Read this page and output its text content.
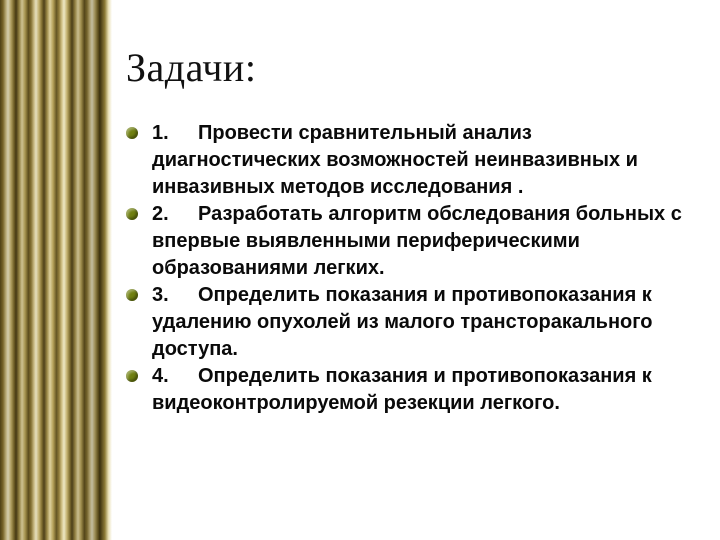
Задачи:
1. Провести сравнительный анализ диагностических возможностей неинвазивных и инвазивных методов исследования .
2. Разработать алгоритм обследования больных с впервые выявленными периферическими образованиями легких.
3. Определить показания и противопоказания к удалению опухолей из малого трансторакального доступа.
4. Определить показания и противопоказания к видеоконтролируемой резекции легкого.
